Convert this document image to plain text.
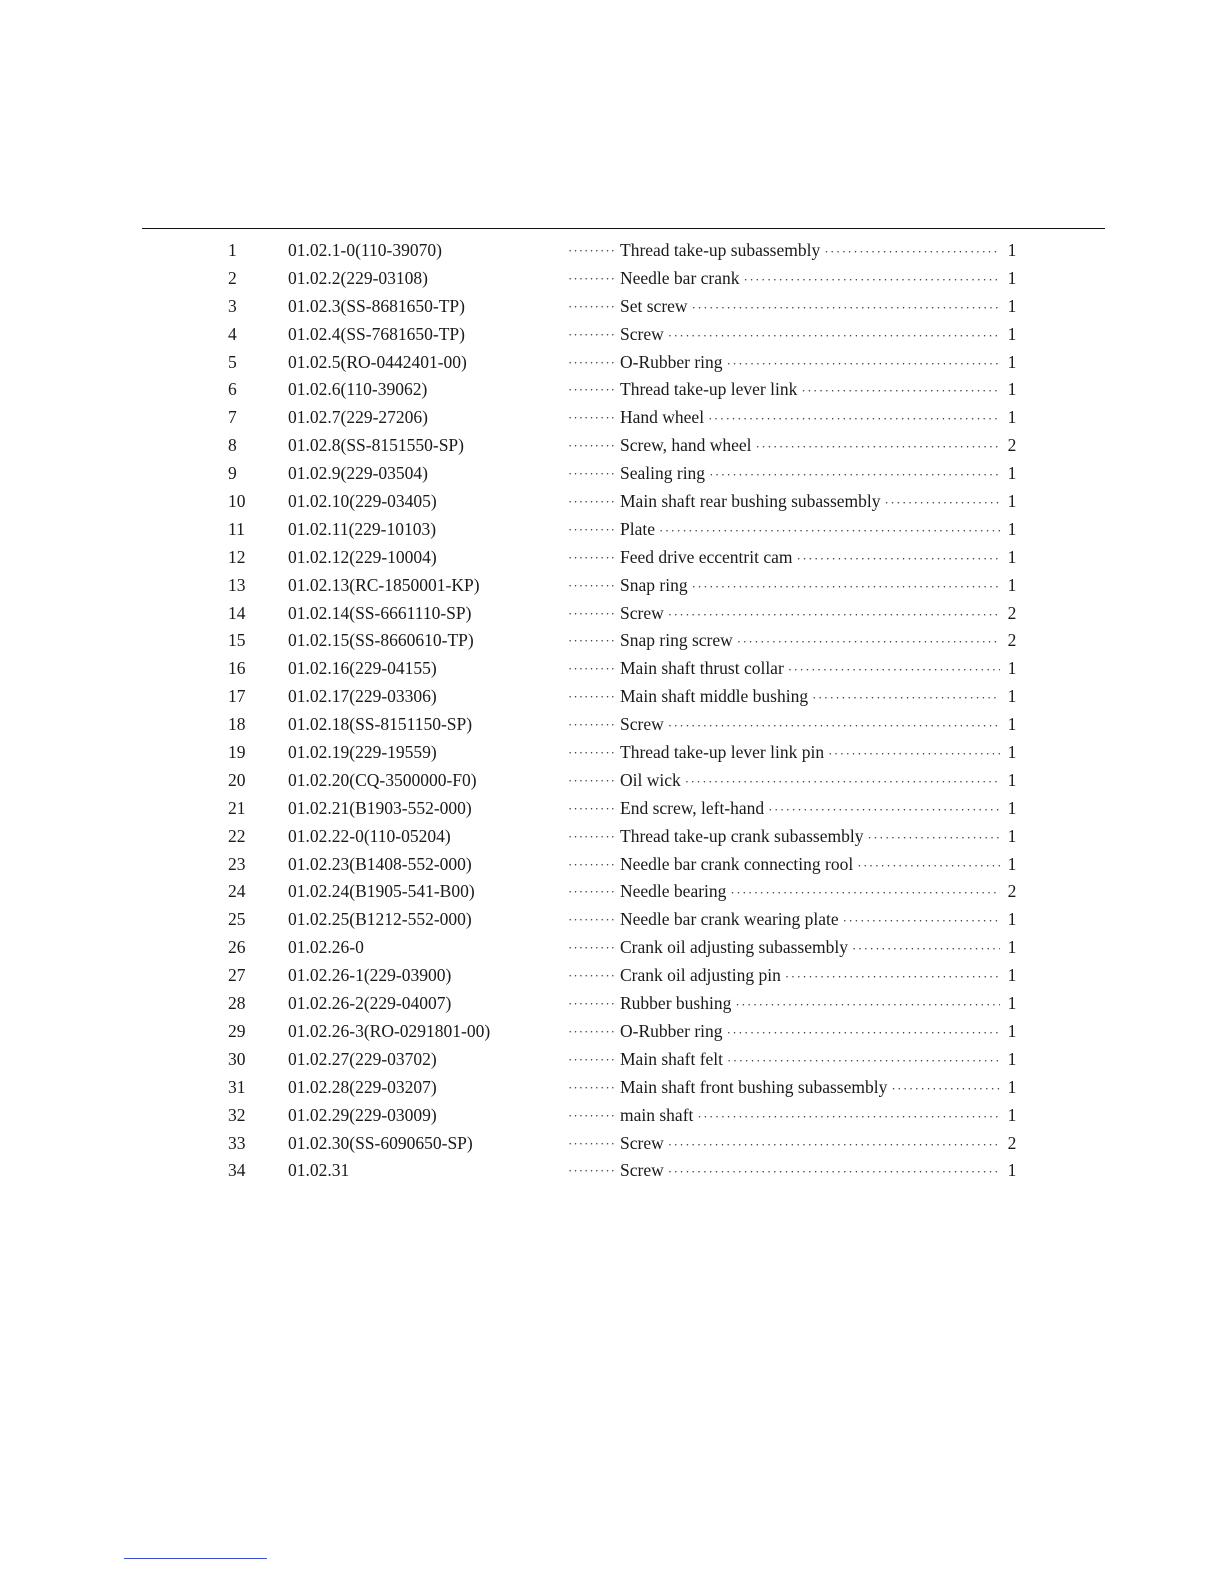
1	01.02.1-0(110-39070)	········· Thread take-up subassembly ·····	1
2	01.02.2(229-03108)	········· Needle bar crank ·····	1
3	01.02.3(SS-8681650-TP)	········· Set screw ·····	1
4	01.02.4(SS-7681650-TP)	········· Screw ·····	1
5	01.02.5(RO-0442401-00)	········· O-Rubber ring ·····	1
6	01.02.6(110-39062)	········· Thread take-up lever link ·····	1
7	01.02.7(229-27206)	········· Hand wheel ·····	1
8	01.02.8(SS-8151550-SP)	········· Screw, hand wheel ·····	2
9	01.02.9(229-03504)	········· Sealing ring ·····	1
10	01.02.10(229-03405)	········· Main shaft rear bushing subassembly ·····	1
11	01.02.11(229-10103)	········· Plate ·····	1
12	01.02.12(229-10004)	········· Feed drive eccentrit cam ·····	1
13	01.02.13(RC-1850001-KP)	········· Snap ring ·····	1
14	01.02.14(SS-6661110-SP)	········· Screw ·····	2
15	01.02.15(SS-8660610-TP)	········· Snap ring screw ·····	2
16	01.02.16(229-04155)	········· Main shaft thrust collar ·····	1
17	01.02.17(229-03306)	········· Main shaft middle bushing ·····	1
18	01.02.18(SS-8151150-SP)	········· Screw ·····	1
19	01.02.19(229-19559)	········· Thread take-up lever link pin ·····	1
20	01.02.20(CQ-3500000-F0)	········· Oil wick ·····	1
21	01.02.21(B1903-552-000)	········· End screw, left-hand ·····	1
22	01.02.22-0(110-05204)	········· Thread take-up crank subassembly ·····	1
23	01.02.23(B1408-552-000)	········· Needle bar crank connecting rool ·····	1
24	01.02.24(B1905-541-B00)	········· Needle bearing ·····	2
25	01.02.25(B1212-552-000)	········· Needle bar crank wearing plate ·····	1
26	01.02.26-0	········· Crank oil adjusting subassembly ·····	1
27	01.02.26-1(229-03900)	········· Crank oil adjusting pin ·····	1
28	01.02.26-2(229-04007)	········· Rubber bushing ·····	1
29	01.02.26-3(RO-0291801-00)	········· O-Rubber ring ·····	1
30	01.02.27(229-03702)	········· Main shaft felt ·····	1
31	01.02.28(229-03207)	········· Main shaft front bushing subassembly ·····	1
32	01.02.29(229-03009)	········· main shaft ·····	1
33	01.02.30(SS-6090650-SP)	········· Screw ·····	2
34	01.02.31	········· Screw ·····	1
